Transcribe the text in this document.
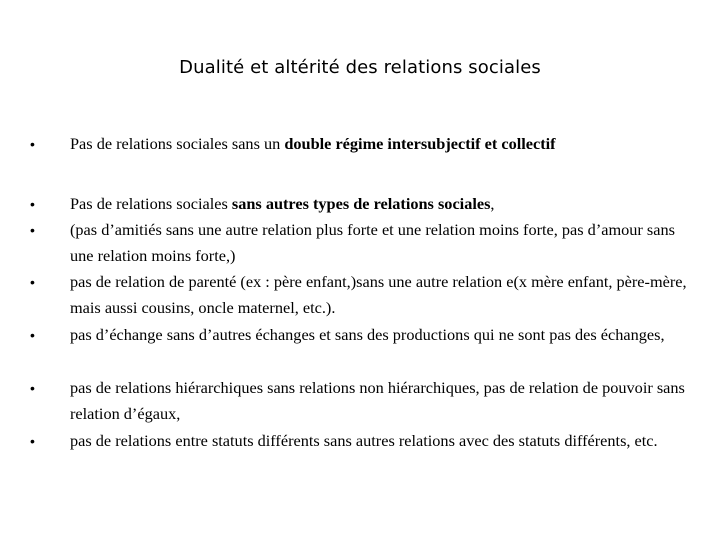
Dualité et altérité des relations sociales
•	Pas de relations sociales sans un double régime intersubjectif et collectif
•	Pas de relations sociales sans autres types de relations sociales,
•	(pas d’amitiés sans une autre relation plus forte et une relation moins forte, pas d’amour sans une relation moins forte,)
•	pas de relation de parenté (ex : père enfant,)sans une autre relation e(x mère enfant, père-mère, mais aussi cousins, oncle maternel, etc.).
•	pas d’échange sans d’autres échanges et sans des productions qui ne sont pas des échanges,
•	pas de relations hiérarchiques sans relations non hiérarchiques, pas de relation de pouvoir sans relation d’égaux,
•	pas de relations entre statuts différents sans autres relations avec des statuts différents, etc.
